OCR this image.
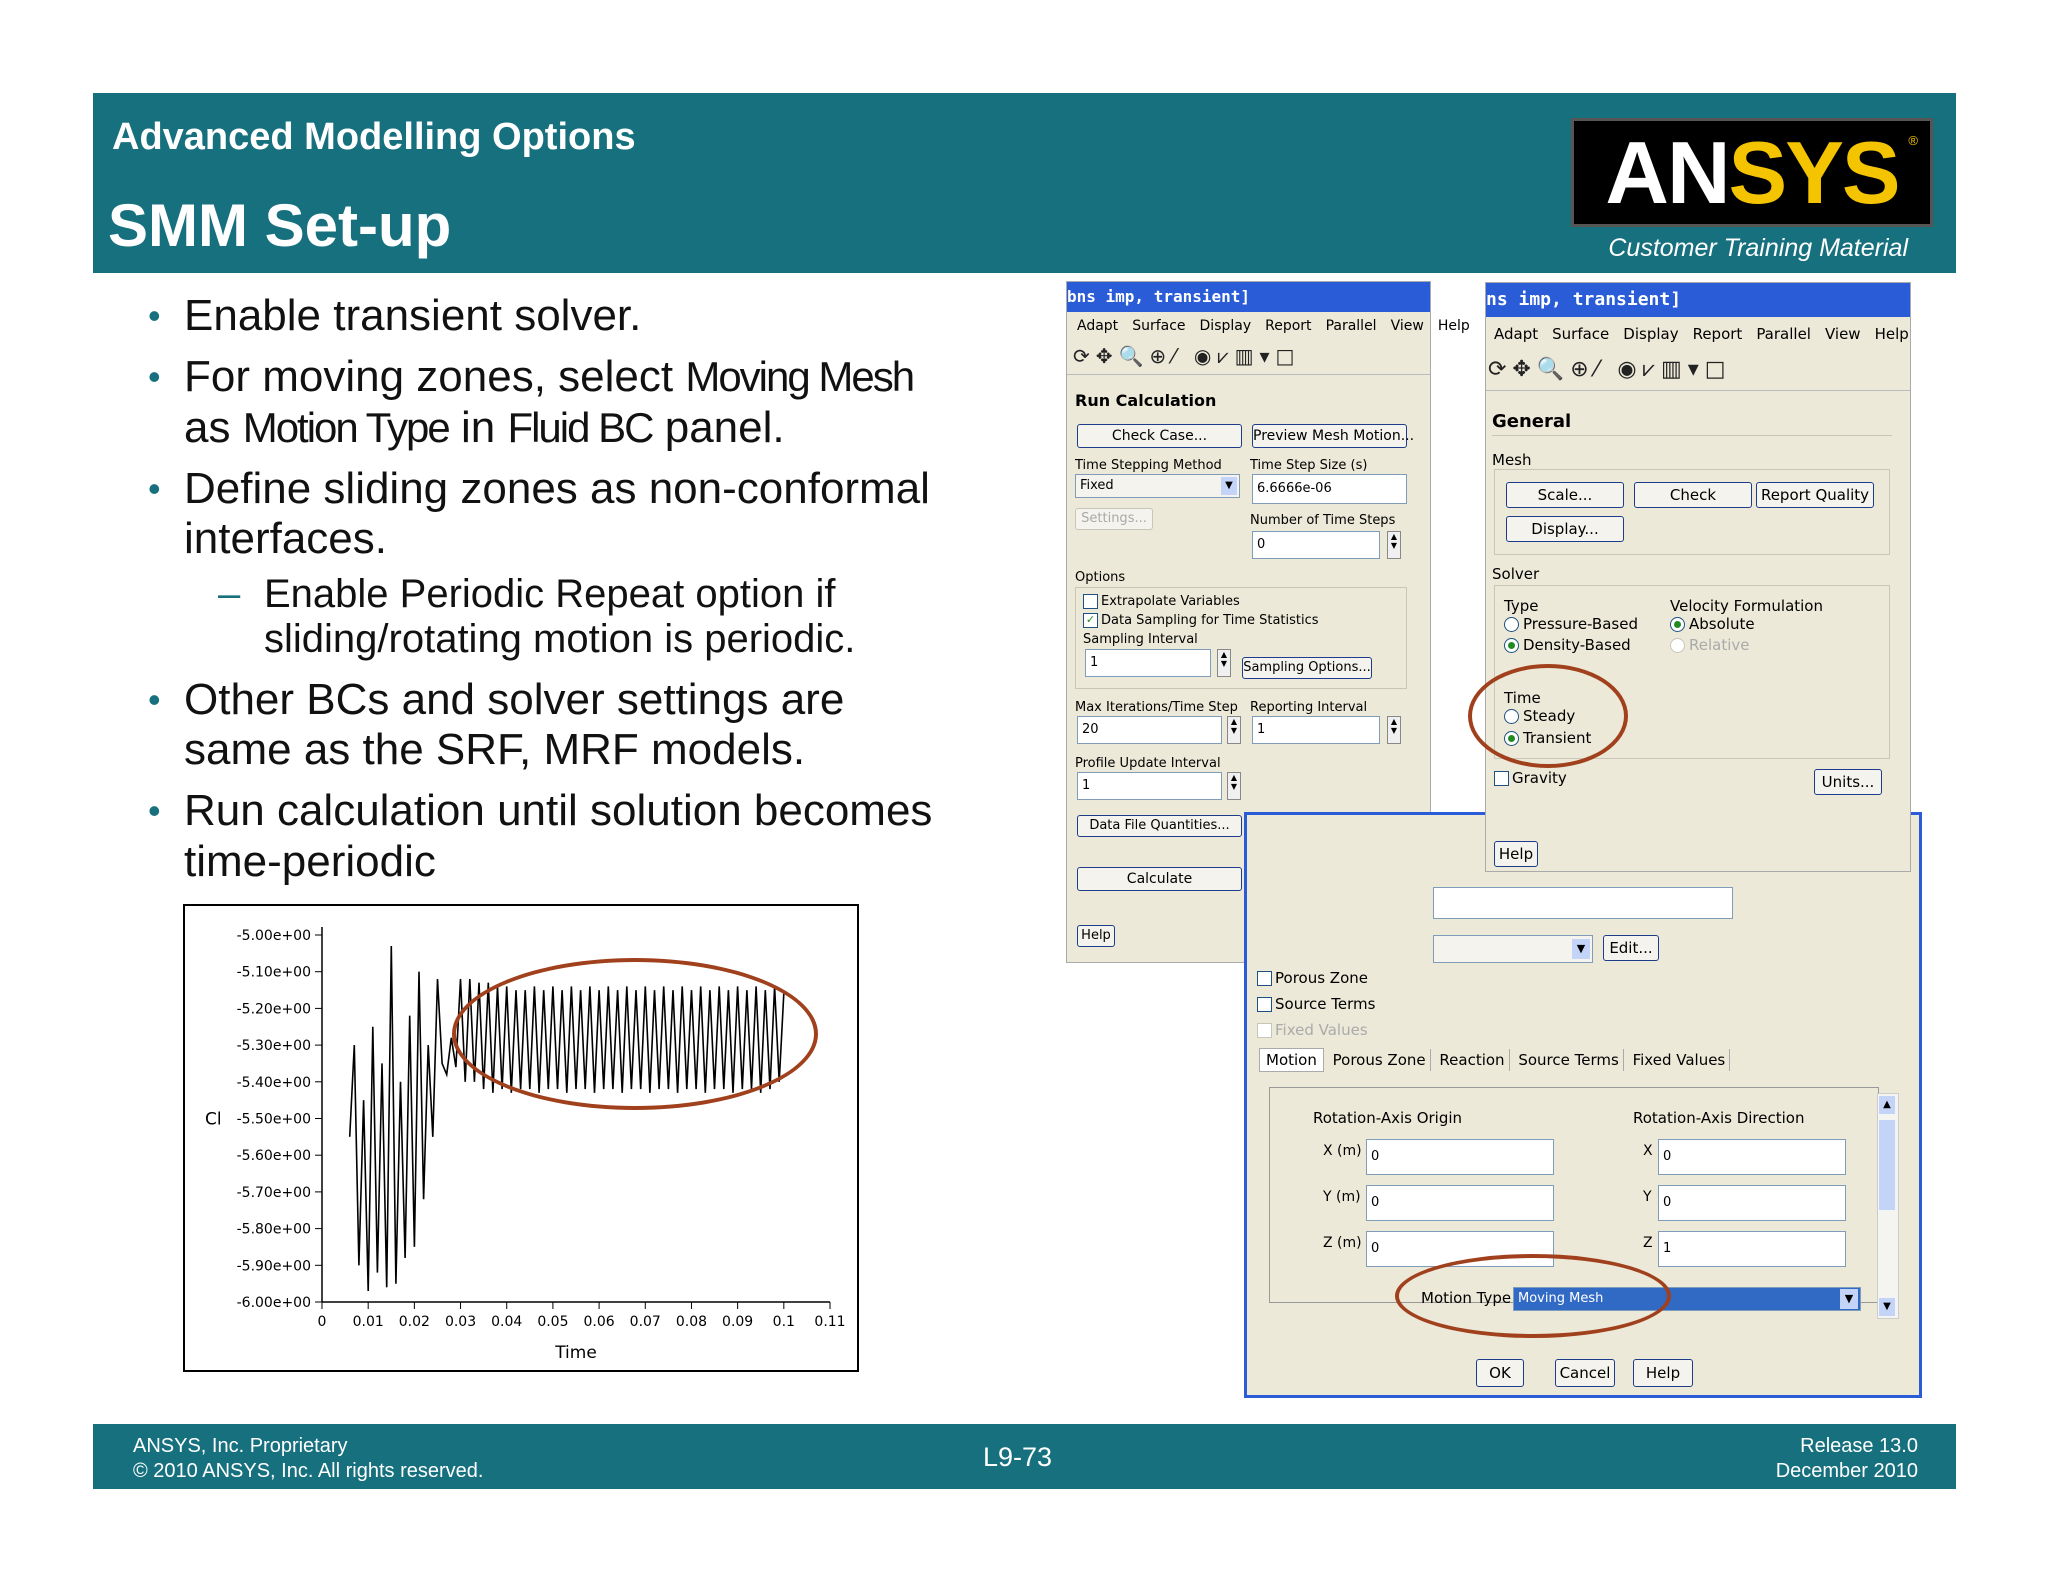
Advanced Modelling Options
SMM Set-up
ANSYS ®
Customer Training Material
• Enable transient solver.
• For moving zones, select Moving Mesh
as Motion Type in Fluid BC panel.
• Define sliding zones as non-conformal
interfaces.
– Enable Periodic Repeat option if
sliding/rotating motion is periodic.
• Other BCs and solver settings are
same as the SRF, MRF models.
• Run calculation until solution becomes
time-periodic
-5.00e+00
-5.10e+00
-5.20e+00
-5.30e+00
-5.40e+00
-5.50e+00
-5.60e+00
-5.70e+00
-5.80e+00
-5.90e+00
-6.00e+00
0 0.01 0.02 0.03 0.04 0.05 0.06 0.07 0.08 0.09 0.1 0.11
Time
Cl
bns imp, transient]
Adapt Surface Display Report Parallel View Help
⟳✥🔍⊕⁄ ◉⩗▥▾□
Run Calculation
Check Case...	Preview Mesh Motion...
Time Stepping Method Time Step Size (s)
Fixed	▼	6.6666e-06
Settings...	Number of Time Steps
0
▲
▼
Options
Extrapolate Variables
✓ Data Sampling for Time Statistics
Sampling Interval
1
▲
▼	Sampling Options...
Max Iterations/Time Step Reporting Interval
20
▲
▼	1
▲
▼
Profile Update Interval
1
▲
▼
Data File Quantities...
Calculate
Help
▼	Edit...
Porous Zone
Source Terms
Fixed Values
Motion Porous Zone Reaction Source Terms Fixed Values
Rotation-Axis Origin	Rotation-Axis Direction
X (m) 0
Y (m) 0
Z (m) 0
X 0
Y 0
Z 1
Motion Type Moving Mesh	▼
▲
▼
OK	Cancel	Help
ns imp, transient]
Adapt Surface Display Report Parallel View Help
⟳✥🔍⊕⁄ ◉⩗▥▾□
General
Mesh
Scale...	Check	Report Quality
Display...
Solver
Type
Pressure-Based
Density-Based
Velocity Formulation
Absolute
Relative
Time
Steady
Transient
Gravity	Units...
Help
ANSYS, Inc. Proprietary
© 2010 ANSYS, Inc. All rights reserved.	L9-73	Release 13.0
December 2010
